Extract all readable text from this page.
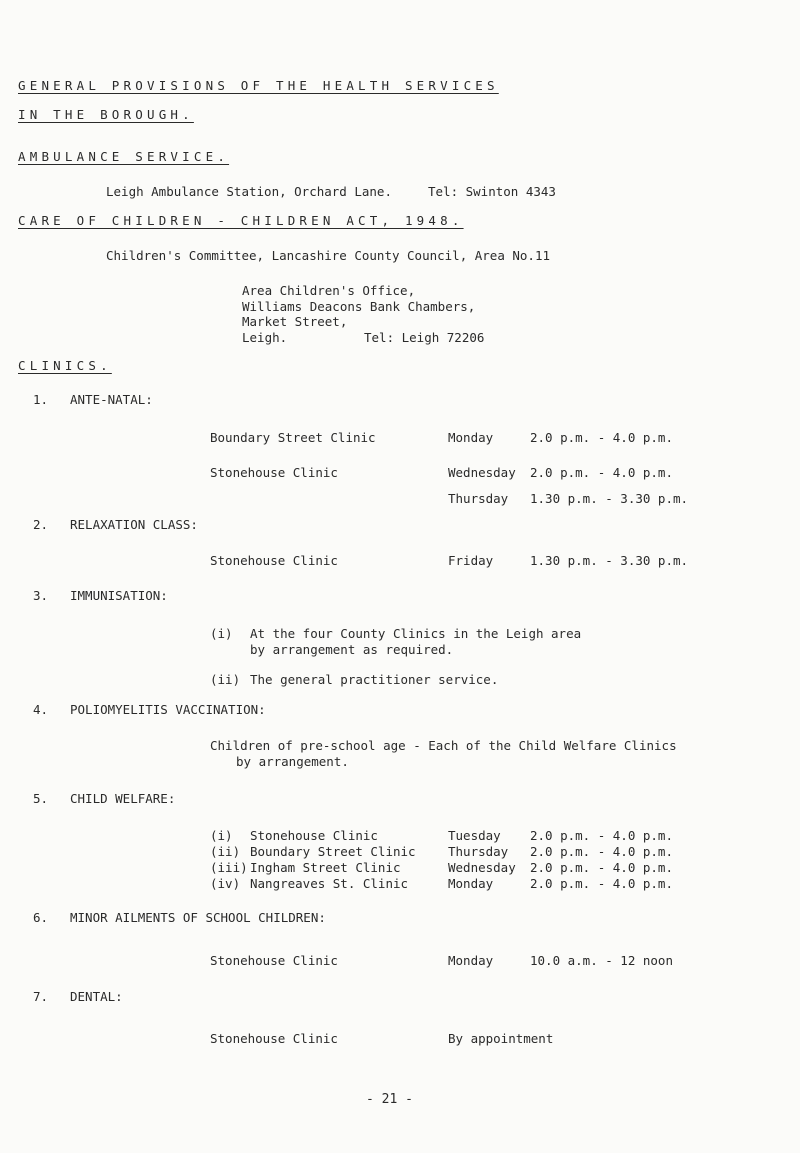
GENERAL PROVISIONS OF THE HEALTH SERVICES
IN THE BOROUGH.
AMBULANCE SERVICE.
Leigh Ambulance Station, Orchard Lane.	Tel: Swinton 4343
CARE OF CHILDREN - CHILDREN ACT, 1948.
Children's Committee, Lancashire County Council, Area No.11
Area Children's Office,
Williams Deacons Bank Chambers,
Market Street,
Leigh.	Tel: Leigh 72206
CLINICS.
1. ANTE-NATAL:
Boundary Street Clinic	Monday	2.0 p.m. - 4.0 p.m.
Stonehouse Clinic	Wednesday 2.0 p.m. - 4.0 p.m.
Thursday 1.30 p.m. - 3.30 p.m.
2. RELAXATION CLASS:
Stonehouse Clinic	Friday	1.30 p.m. - 3.30 p.m.
3. IMMUNISATION:
(i) At the four County Clinics in the Leigh area
by arrangement as required.
(ii) The general practitioner service.
4. POLIOMYELITIS VACCINATION:
Children of pre-school age - Each of the Child Welfare Clinics
by arrangement.
5. CHILD WELFARE:
(i) Stonehouse Clinic	Tuesday 2.0 p.m. - 4.0 p.m.
(ii) Boundary Street Clinic	Thursday 2.0 p.m. - 4.0 p.m.
(iii) Ingham Street Clinic	Wednesday 2.0 p.m. - 4.0 p.m.
(iv) Nangreaves St. Clinic	Monday	2.0 p.m. - 4.0 p.m.
6. MINOR AILMENTS OF SCHOOL CHILDREN:
Stonehouse Clinic	Monday	10.0 a.m. - 12 noon
7. DENTAL:
Stonehouse Clinic	By appointment
- 21 -
